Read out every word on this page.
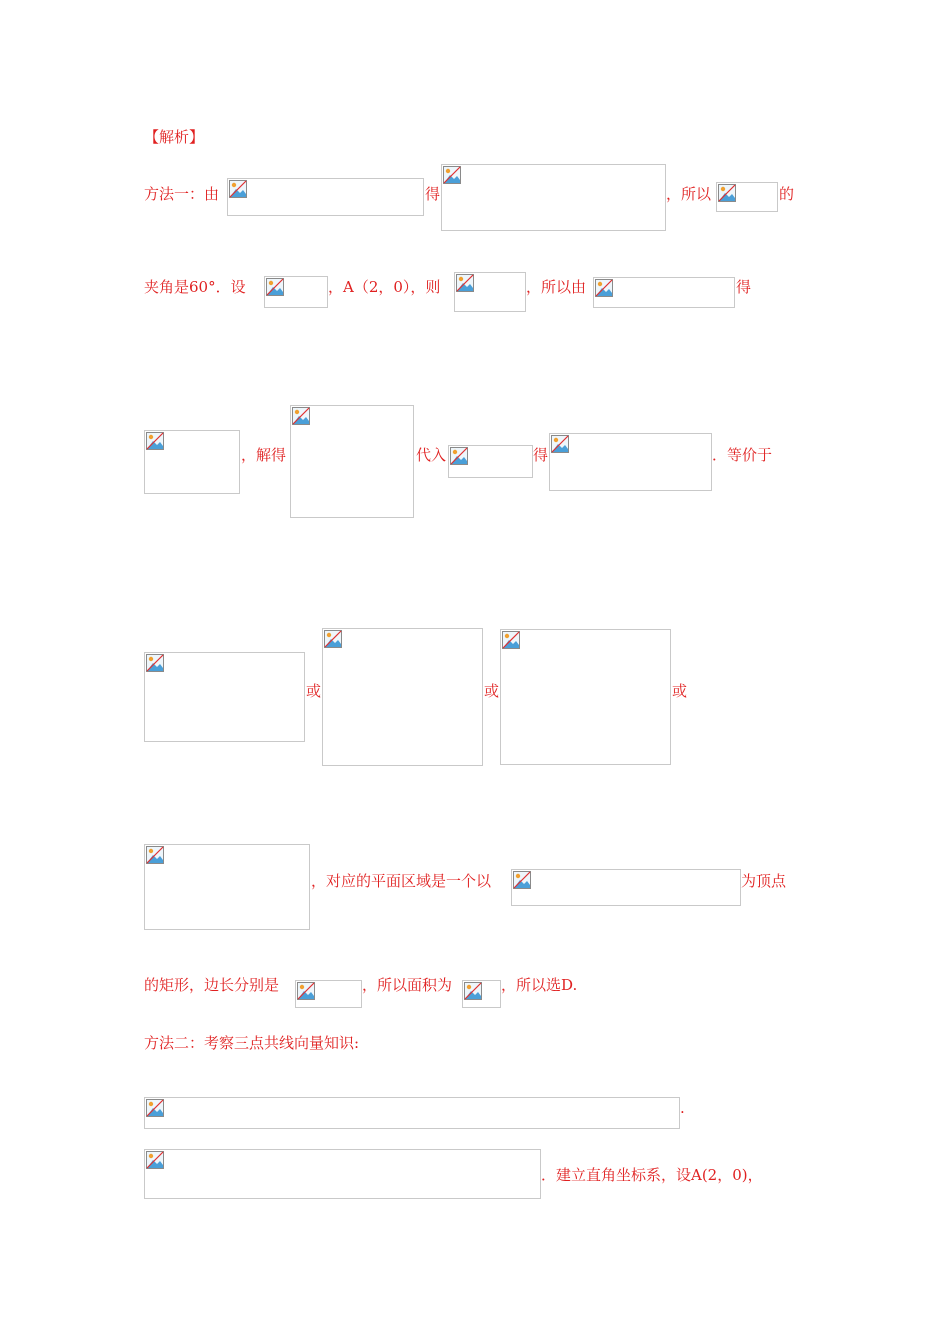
【解析】
方法一：由	得	，所以	的
夹角是60°．设	，A（2，0），则	，所以由	得
，解得	代入	得	．等价于
或	或	或
，对应的平面区域是一个以	为顶点
的矩形，边长分别是	，所以面积为	，所以选D.
方法二：考察三点共线向量知识:
.
．建立直角坐标系，设A(2，0)，
